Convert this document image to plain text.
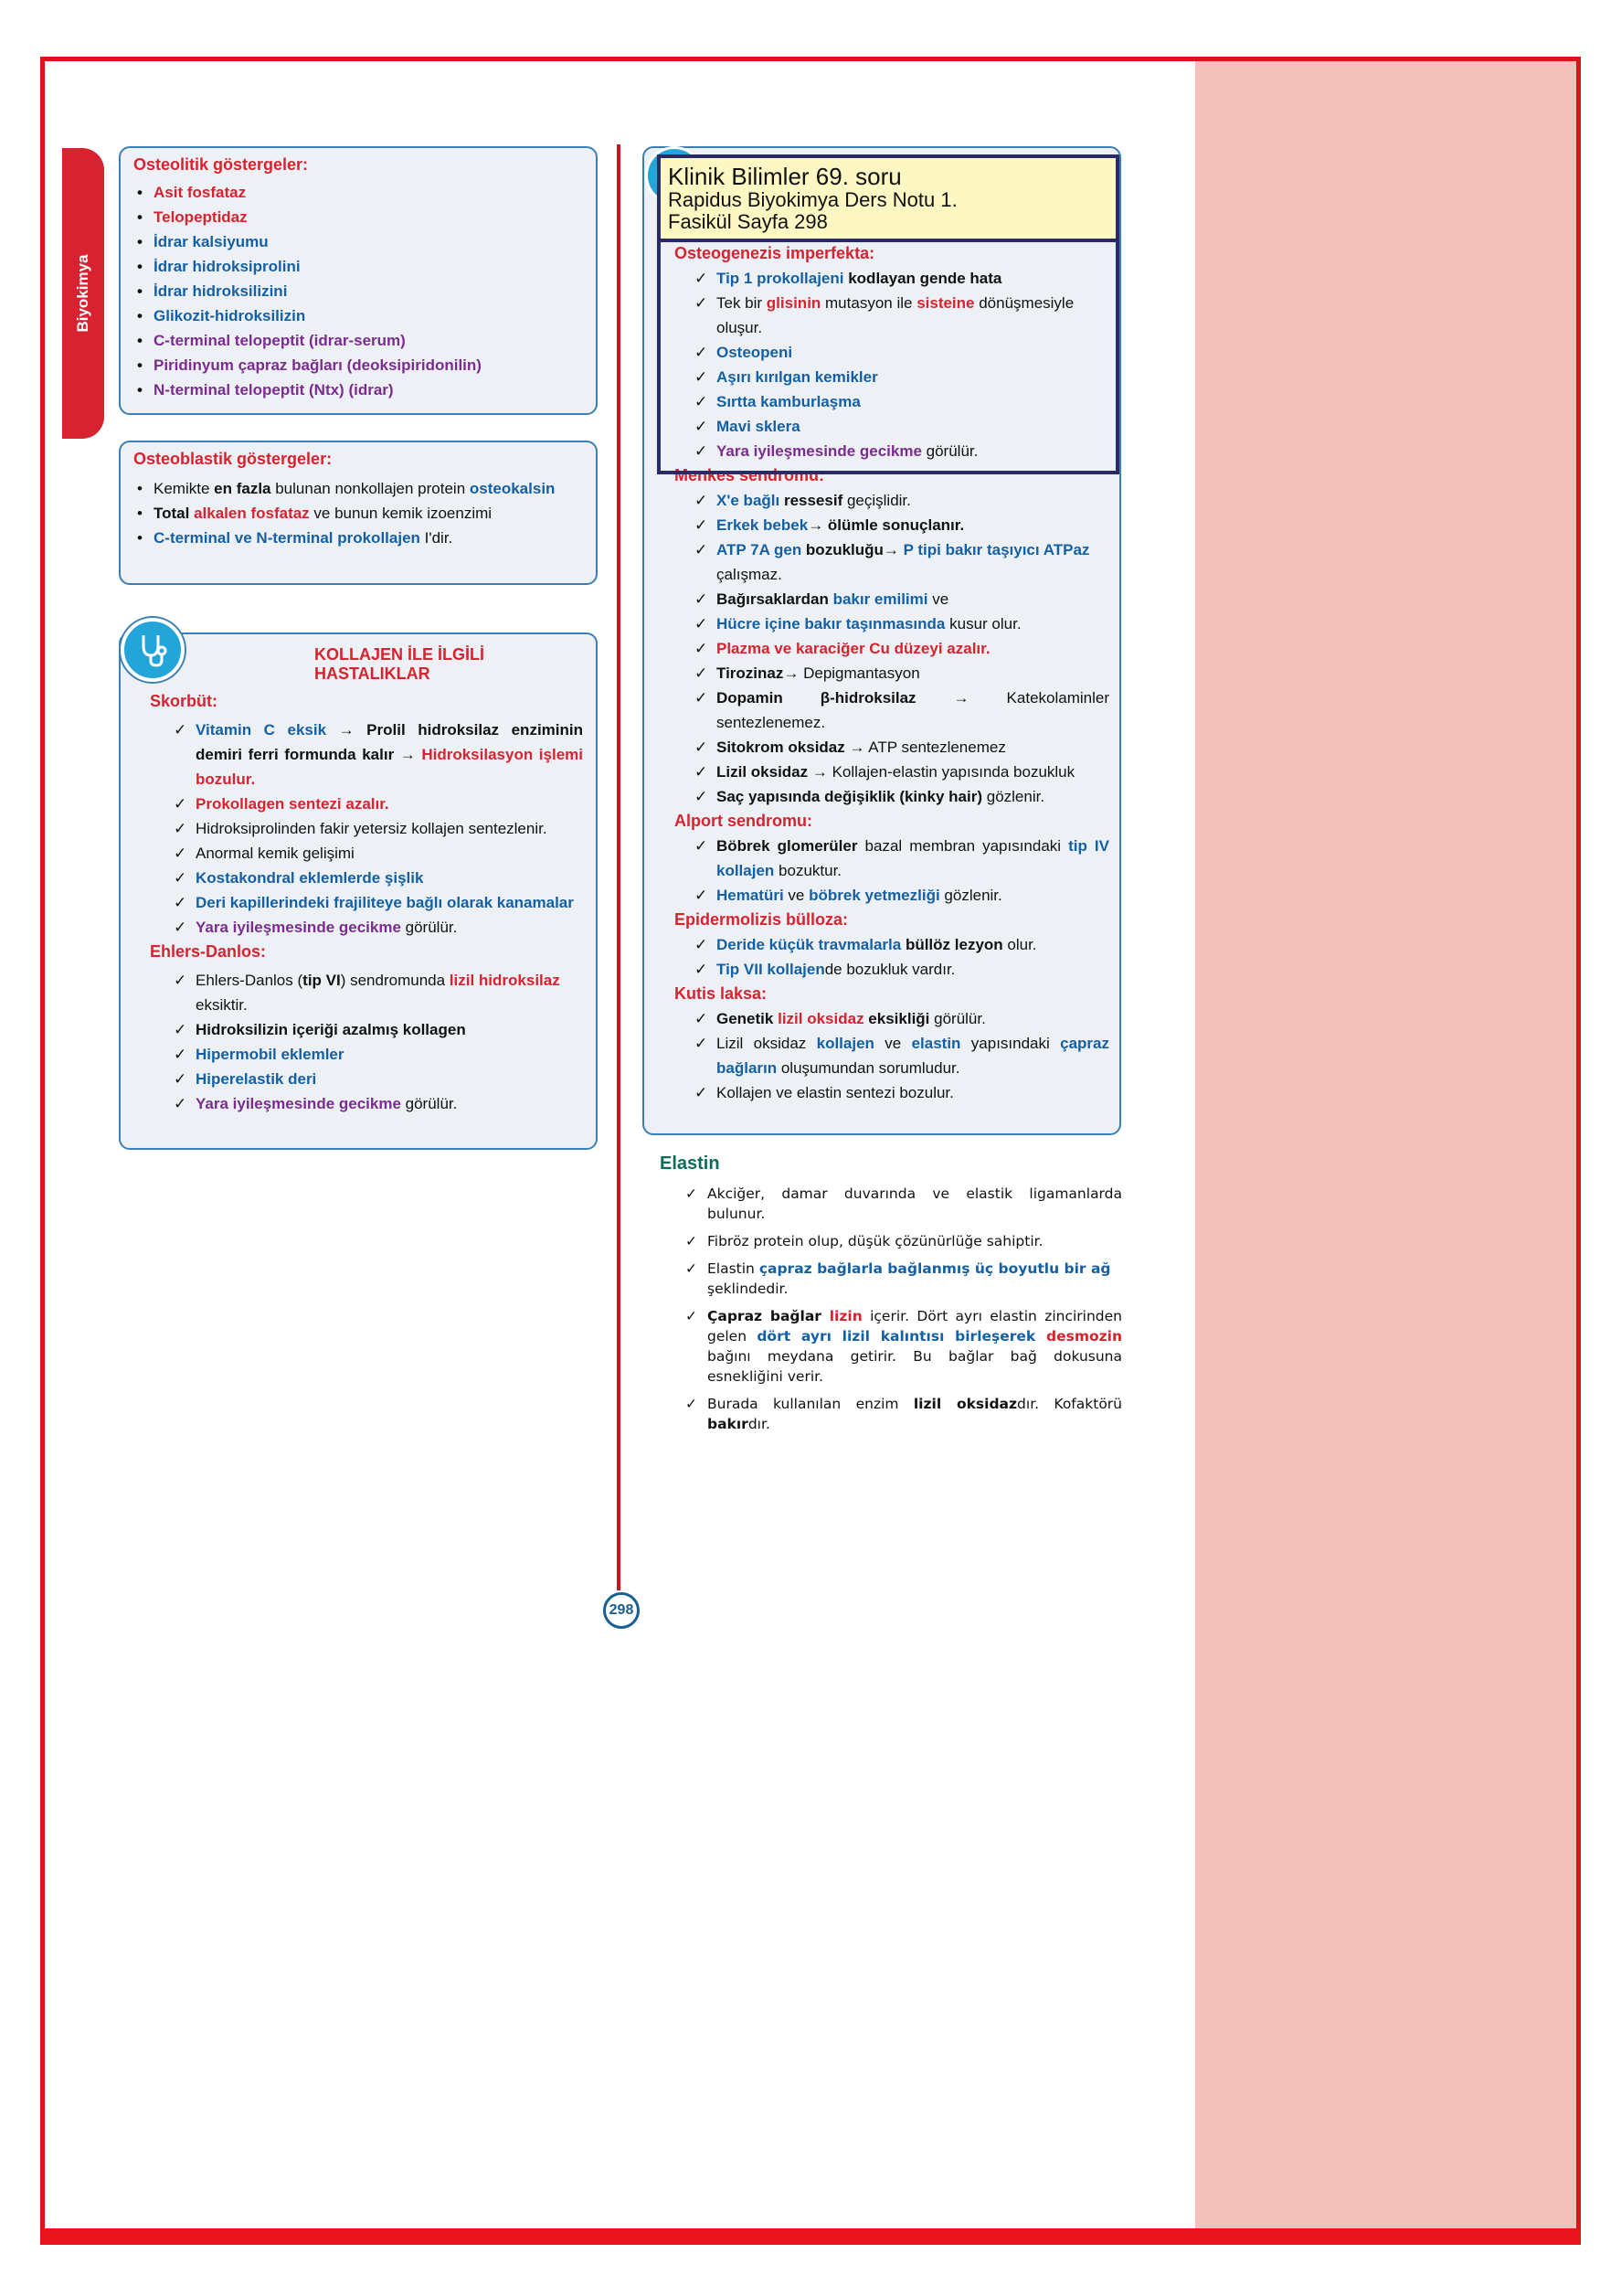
Biyokimya
298
Osteolitik göstergeler:
• Asit fosfataz
• Telopeptidaz
• İdrar kalsiyumu
• İdrar hidroksiprolini
• İdrar hidroksilizini
• Glikozit-hidroksilizin
• C-terminal telopeptit (idrar-serum)
• Piridinyum çapraz bağları (deoksipiridonilin)
• N-terminal telopeptit (Ntx) (idrar)
Osteoblastik göstergeler:
• Kemikte en fazla bulunan nonkollajen protein osteokalsin
• Total alkalen fosfataz ve bunun kemik izoenzimi
• C-terminal ve N-terminal prokollajen I'dir.
KOLLAJEN İLE İLGİLİ HASTALIKLAR
Skorbüt:
✓ Vitamin C eksik → Prolil hidroksilaz enziminin demiri ferri formunda kalır → Hidroksilasyon işlemi bozulur.
✓ Prokollagen sentezi azalır.
✓ Hidroksiprolinden fakir yetersiz kollajen sentezlenir.
✓ Anormal kemik gelişimi
✓ Kostakondral eklemlerde şişlik
✓ Deri kapillerindeki frajiliteye bağlı olarak kanamalar
✓ Yara iyileşmesinde gecikme görülür.
Ehlers-Danlos:
✓ Ehlers-Danlos (tip VI) sendromunda lizil hidroksilaz eksiktir.
✓ Hidroksilizin içeriği azalmış kollagen
✓ Hipermobil eklemler
✓ Hiperelastik deri
✓ Yara iyileşmesinde gecikme görülür.
Osteogenezis imperfekta:
✓ Tip 1 prokollajeni kodlayan gende hata
✓ Tek bir glisinin mutasyon ile sisteine dönüşmesiyle oluşur.
✓ Osteopeni
✓ Aşırı kırılgan kemikler
✓ Sırtta kamburlaşma
✓ Mavi sklera
✓ Yara iyileşmesinde gecikme görülür.
Menkes sendromu:
✓ X'e bağlı ressesif geçişlidir.
✓ Erkek bebek→ ölümle sonuçlanır.
✓ ATP 7A gen bozukluğu→ P tipi bakır taşıyıcı ATPaz çalışmaz.
✓ Bağırsaklardan bakır emilimi ve
✓ Hücre içine bakır taşınmasında kusur olur.
✓ Plazma ve karaciğer Cu düzeyi azalır.
✓ Tirozinaz→ Depigmantasyon
✓ Dopamin β-hidroksilaz → Katekolaminler sentezlenemez.
✓ Sitokrom oksidaz → ATP sentezlenemez
✓ Lizil oksidaz → Kollajen-elastin yapısında bozukluk
✓ Saç yapısında değişiklik (kinky hair) gözlenir.
Alport sendromu:
✓ Böbrek glomerüler bazal membran yapısındaki tip IV kollajen bozuktur.
✓ Hematüri ve böbrek yetmezliği gözlenir.
Epidermolizis bülloza:
✓ Deride küçük travmalarla büllöz lezyon olur.
✓ Tip VII kollajende bozukluk vardır.
Kutis laksa:
✓ Genetik lizil oksidaz eksikliği görülür.
✓ Lizil oksidaz kollajen ve elastin yapısındaki çapraz bağların oluşumundan sorumludur.
✓ Kollajen ve elastin sentezi bozulur.
Klinik Bilimler 69. soru
Rapidus Biyokimya Ders Notu 1.
Fasikül Sayfa 298
Elastin
✓ Akciğer, damar duvarında ve elastik ligamanlarda bulunur.
✓ Fibröz protein olup, düşük çözünürlüğe sahiptir.
✓ Elastin çapraz bağlarla bağlanmış üç boyutlu bir ağ şeklindedir.
✓ Çapraz bağlar lizin içerir. Dört ayrı elastin zincirinden gelen dört ayrı lizil kalıntısı birleşerek desmozin bağını meydana getirir. Bu bağlar bağ dokusuna esnekliğini verir.
✓ Burada kullanılan enzim lizil oksidazdır. Kofaktörü bakırdır.
